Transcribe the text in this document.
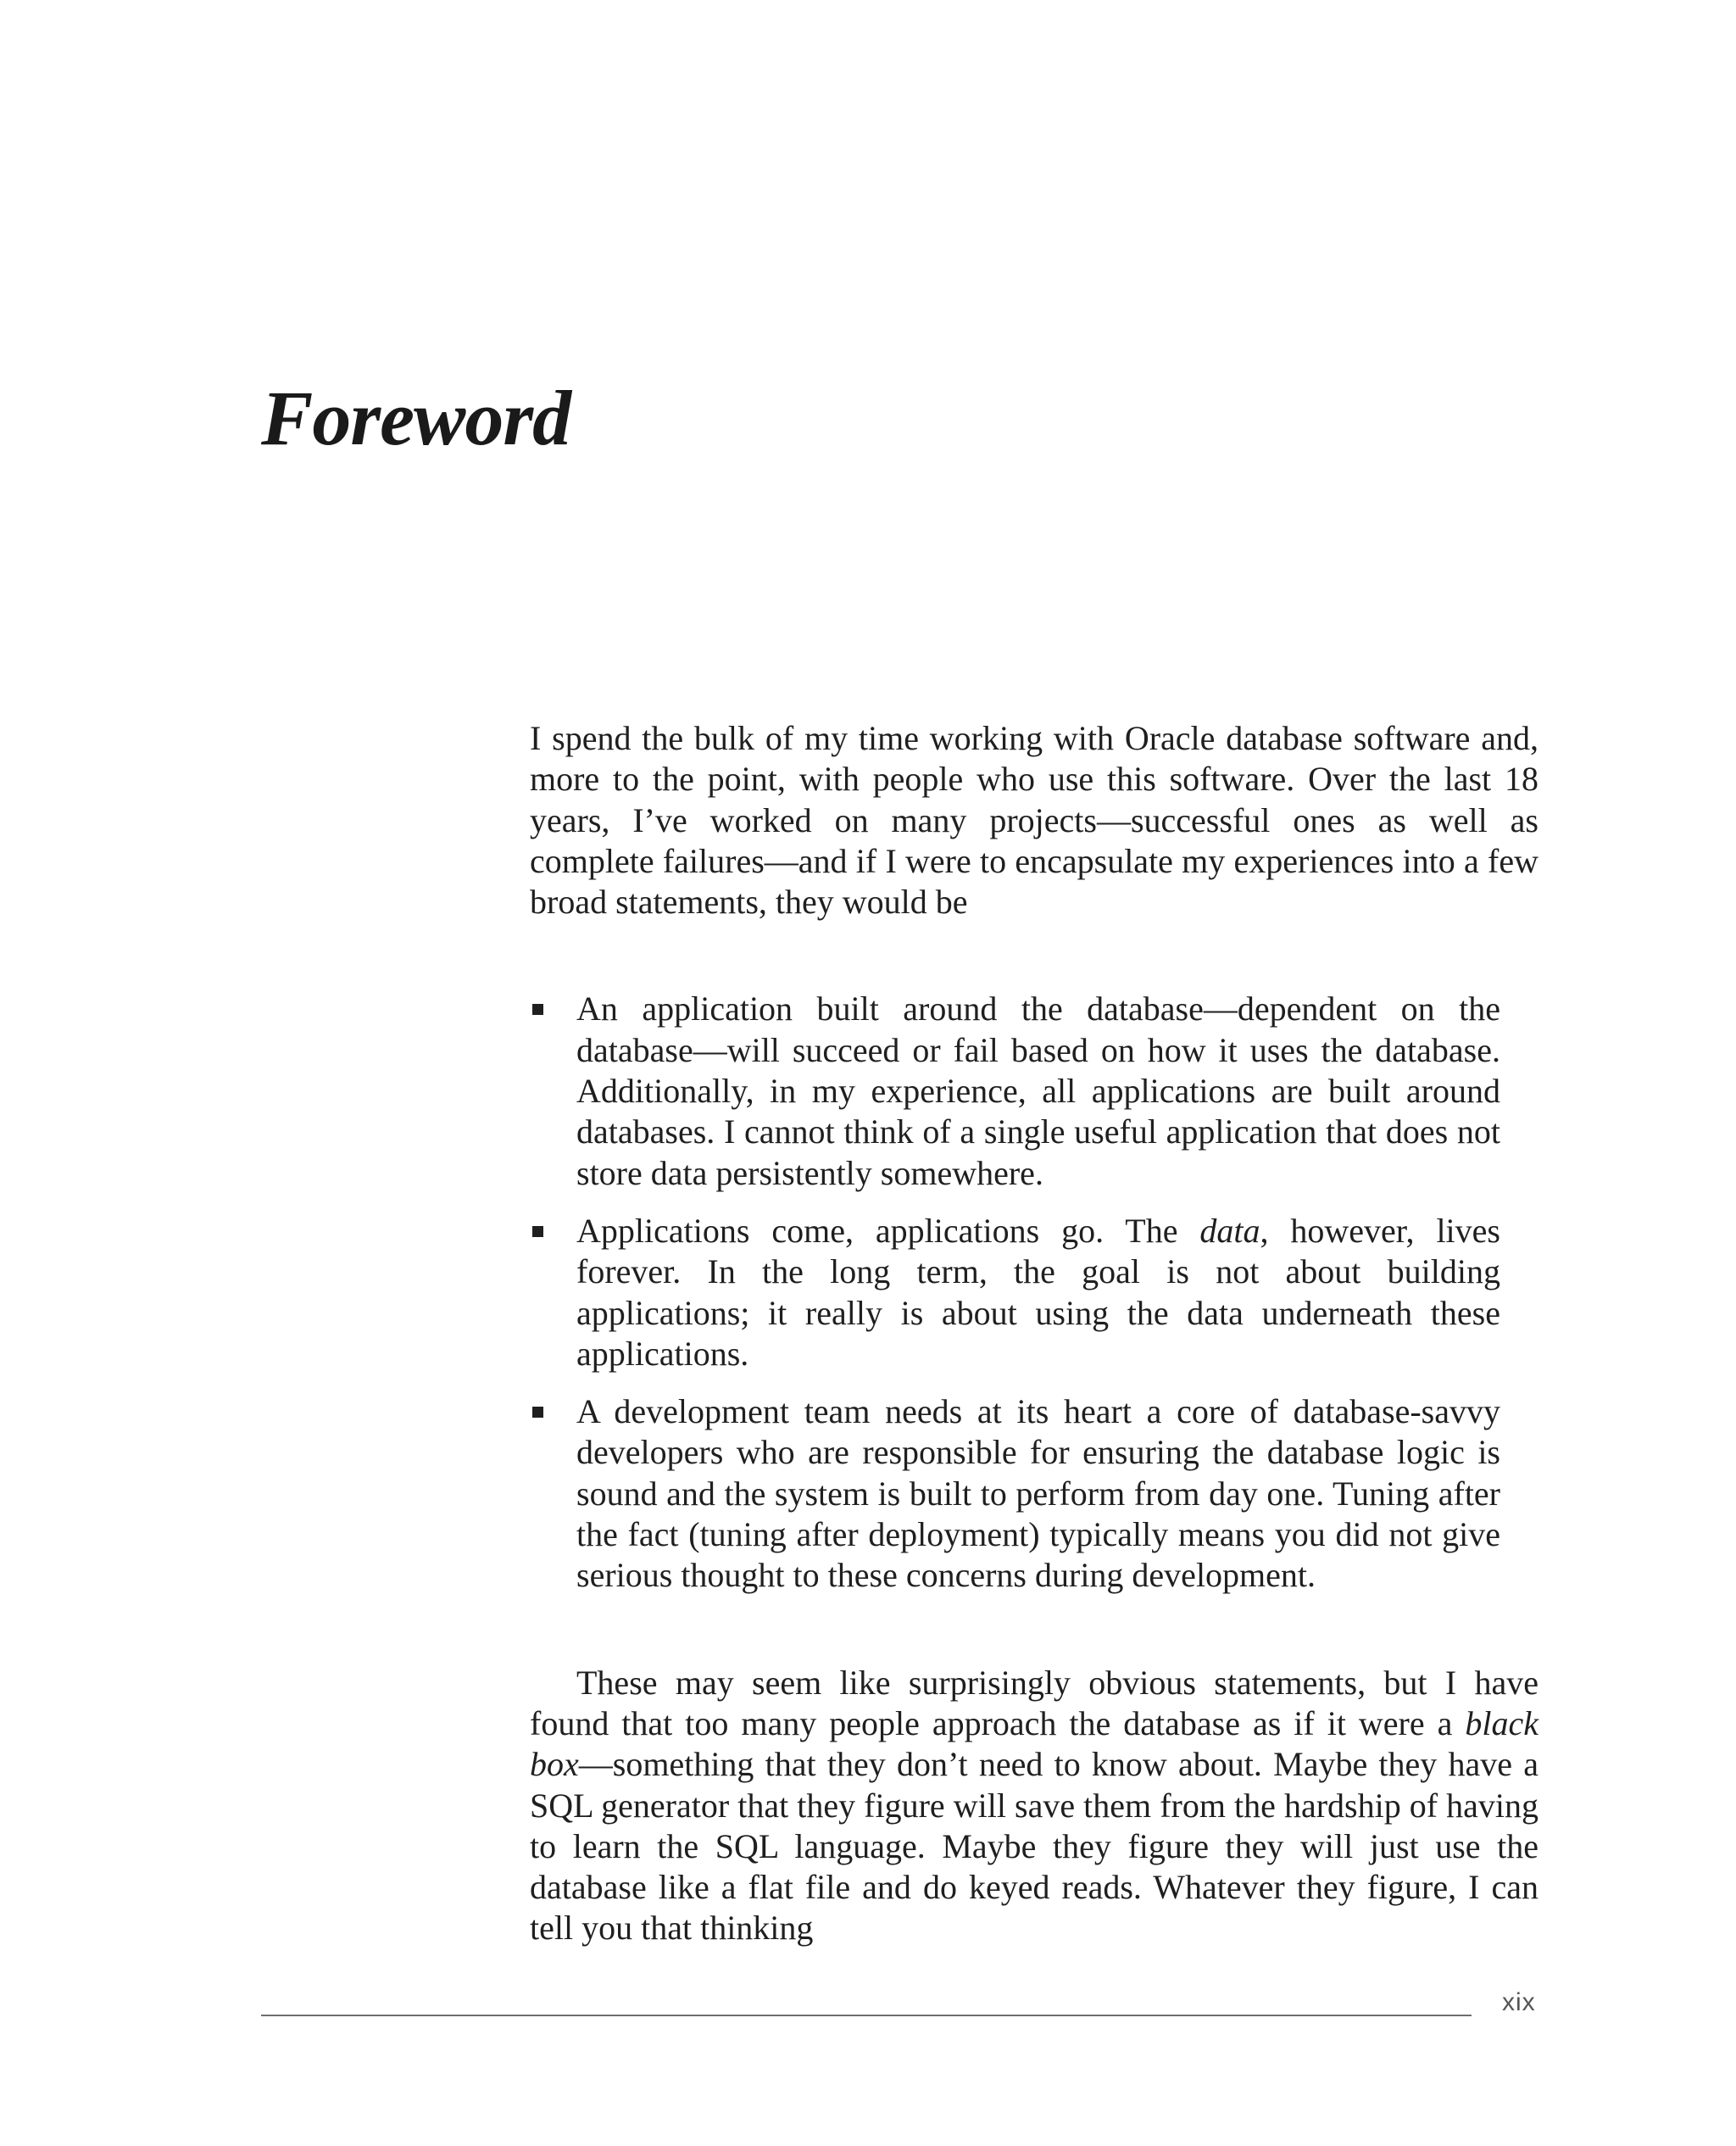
Foreword

I spend the bulk of my time working with Oracle database software and, more to the point, with people who use this software. Over the last 18 years, I’ve worked on many projects—successful ones as well as complete failures—and if I were to encapsulate my experiences into a few broad statements, they would be

An application built around the database—dependent on the database—will succeed or fail based on how it uses the database. Additionally, in my experience, all applications are built around databases. I cannot think of a single useful application that does not store data persistently somewhere.
Applications come, applications go. The data, however, lives forever. In the long term, the goal is not about building applications; it really is about using the data underneath these applications.
A development team needs at its heart a core of database-savvy developers who are responsible for ensuring the database logic is sound and the system is built to perform from day one. Tuning after the fact (tuning after deployment) typically means you did not give serious thought to these concerns during development.

These may seem like surprisingly obvious statements, but I have found that too many people approach the database as if it were a black box—something that they don’t need to know about. Maybe they have a SQL generator that they figure will save them from the hardship of having to learn the SQL language. Maybe they figure they will just use the database like a flat file and do keyed reads. Whatever they figure, I can tell you that thinking

xix
